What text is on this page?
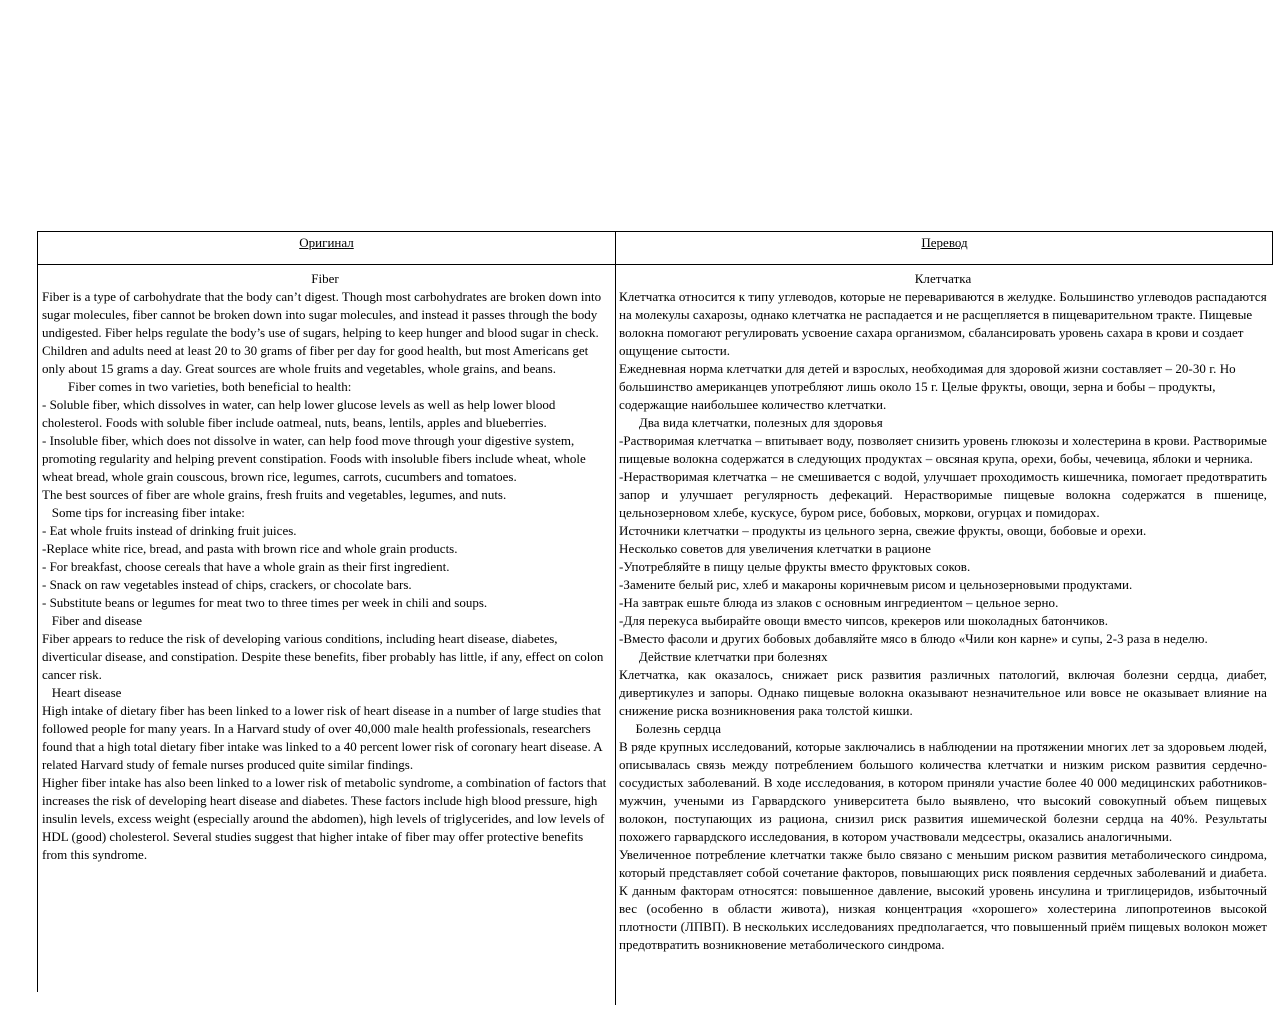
Оригинал	Перевод

Fiber

Fiber is a type of carbohydrate that the body can’t digest. Though most carbohydrates are broken down into sugar molecules, fiber cannot be broken down into sugar molecules, and instead it passes through the body undigested. Fiber helps regulate the body’s use of sugars, helping to keep hunger and blood sugar in check.

Children and adults need at least 20 to 30 grams of fiber per day for good health, but most Americans get only about 15 grams a day. Great sources are whole fruits and vegetables, whole grains, and beans.

Fiber comes in two varieties, both beneficial to health:

- Soluble fiber, which dissolves in water, can help lower glucose levels as well as help lower blood cholesterol. Foods with soluble fiber include oatmeal, nuts, beans, lentils, apples and blueberries.

- Insoluble fiber, which does not dissolve in water, can help food move through your digestive system, promoting regularity and helping prevent constipation. Foods with insoluble fibers include wheat, whole wheat bread, whole grain couscous, brown rice, legumes, carrots, cucumbers and tomatoes.

The best sources of fiber are whole grains, fresh fruits and vegetables, legumes, and nuts.

Some tips for increasing fiber intake:

- Eat whole fruits instead of drinking fruit juices.

-Replace white rice, bread, and pasta with brown rice and whole grain products.

- For breakfast, choose cereals that have a whole grain as their first ingredient.

- Snack on raw vegetables instead of chips, crackers, or chocolate bars.

- Substitute beans or legumes for meat two to three times per week in chili and soups.

Fiber and disease

Fiber appears to reduce the risk of developing various conditions, including heart disease, diabetes, diverticular disease, and constipation. Despite these benefits, fiber probably has little, if any, effect on colon cancer risk.

Heart disease

High intake of dietary fiber has been linked to a lower risk of heart disease in a number of large studies that followed people for many years. In a Harvard study of over 40,000 male health professionals, researchers found that a high total dietary fiber intake was linked to a 40 percent lower risk of coronary heart disease. A related Harvard study of female nurses produced quite similar findings.

Higher fiber intake has also been linked to a lower risk of metabolic syndrome, a combination of factors that increases the risk of developing heart disease and diabetes. These factors include high blood pressure, high insulin levels, excess weight (especially around the abdomen), high levels of triglycerides, and low levels of HDL (good) cholesterol. Several studies suggest that higher intake of fiber may offer protective benefits from this syndrome.

Клетчатка

Клетчатка относится к типу углеводов, которые не перевариваются в желудке. Большинство углеводов распадаются на молекулы сахарозы, однако клетчатка не распадается и не расщепляется в пищеварительном тракте. Пищевые волокна помогают регулировать усвоение сахара организмом, сбалансировать уровень сахара в крови и создает ощущение сытости.

Ежедневная норма клетчатки для детей и взрослых, необходимая для здоровой жизни составляет – 20-30 г. Но большинство американцев употребляют лишь около 15 г. Целые фрукты, овощи, зерна и бобы – продукты, содержащие наибольшее количество клетчатки.

Два вида клетчатки, полезных для здоровья

-Растворимая клетчатка – впитывает воду, позволяет снизить уровень глюкозы и холестерина в крови. Растворимые пищевые волокна содержатся в следующих продуктах – овсяная крупа, орехи, бобы, чечевица, яблоки и черника.

-Нерастворимая клетчатка – не смешивается с водой, улучшает проходимость кишечника, помогает предотвратить запор и улучшает регулярность дефекаций. Нерастворимые пищевые волокна содержатся в пшенице, цельнозерновом хлебе, кускусе, буром рисе, бобовых, моркови, огурцах и помидорах.

Источники клетчатки – продукты из цельного зерна, свежие фрукты, овощи, бобовые и орехи.

Несколько советов для увеличения клетчатки в рационе

-Употребляйте в пищу целые фрукты вместо фруктовых соков.

-Замените белый рис, хлеб и макароны коричневым рисом и цельнозерновыми продуктами.

-На завтрак ешьте блюда из злаков с основным ингредиентом – цельное зерно.

-Для перекуса выбирайте овощи вместо чипсов, крекеров или шоколадных батончиков.

-Вместо фасоли и других бобовых добавляйте мясо в блюдо «Чили кон карне» и супы, 2-3 раза в неделю.

Действие клетчатки при болезнях

Клетчатка, как оказалось, снижает риск развития различных патологий, включая болезни сердца, диабет, дивертикулез и запоры. Однако пищевые волокна оказывают незначительное или вовсе не оказывает влияние на снижение риска возникновения рака толстой кишки.

Болезнь сердца

В ряде крупных исследований, которые заключались в наблюдении на протяжении многих лет за здоровьем людей, описывалась связь между потреблением большого количества клетчатки и низким риском развития сердечно-сосудистых заболеваний. В ходе исследования, в котором приняли участие более 40 000 медицинских работников-мужчин, учеными из Гарвардского университета было выявлено, что высокий совокупный объем пищевых волокон, поступающих из рациона, снизил риск развития ишемической болезни сердца на 40%. Результаты похожего гарвардского исследования, в котором участвовали медсестры, оказались аналогичными.

Увеличенное потребление клетчатки также было связано с меньшим риском развития метаболического синдрома, который представляет собой сочетание факторов, повышающих риск появления сердечных заболеваний и диабета. К данным факторам относятся: повышенное давление, высокий уровень инсулина и триглицеридов, избыточный вес (особенно в области живота), низкая концентрация «хорошего» холестерина липопротеинов высокой плотности (ЛПВП). В нескольких исследованиях предполагается, что повышенный приём пищевых волокон может предотвратить возникновение метаболического синдрома.
